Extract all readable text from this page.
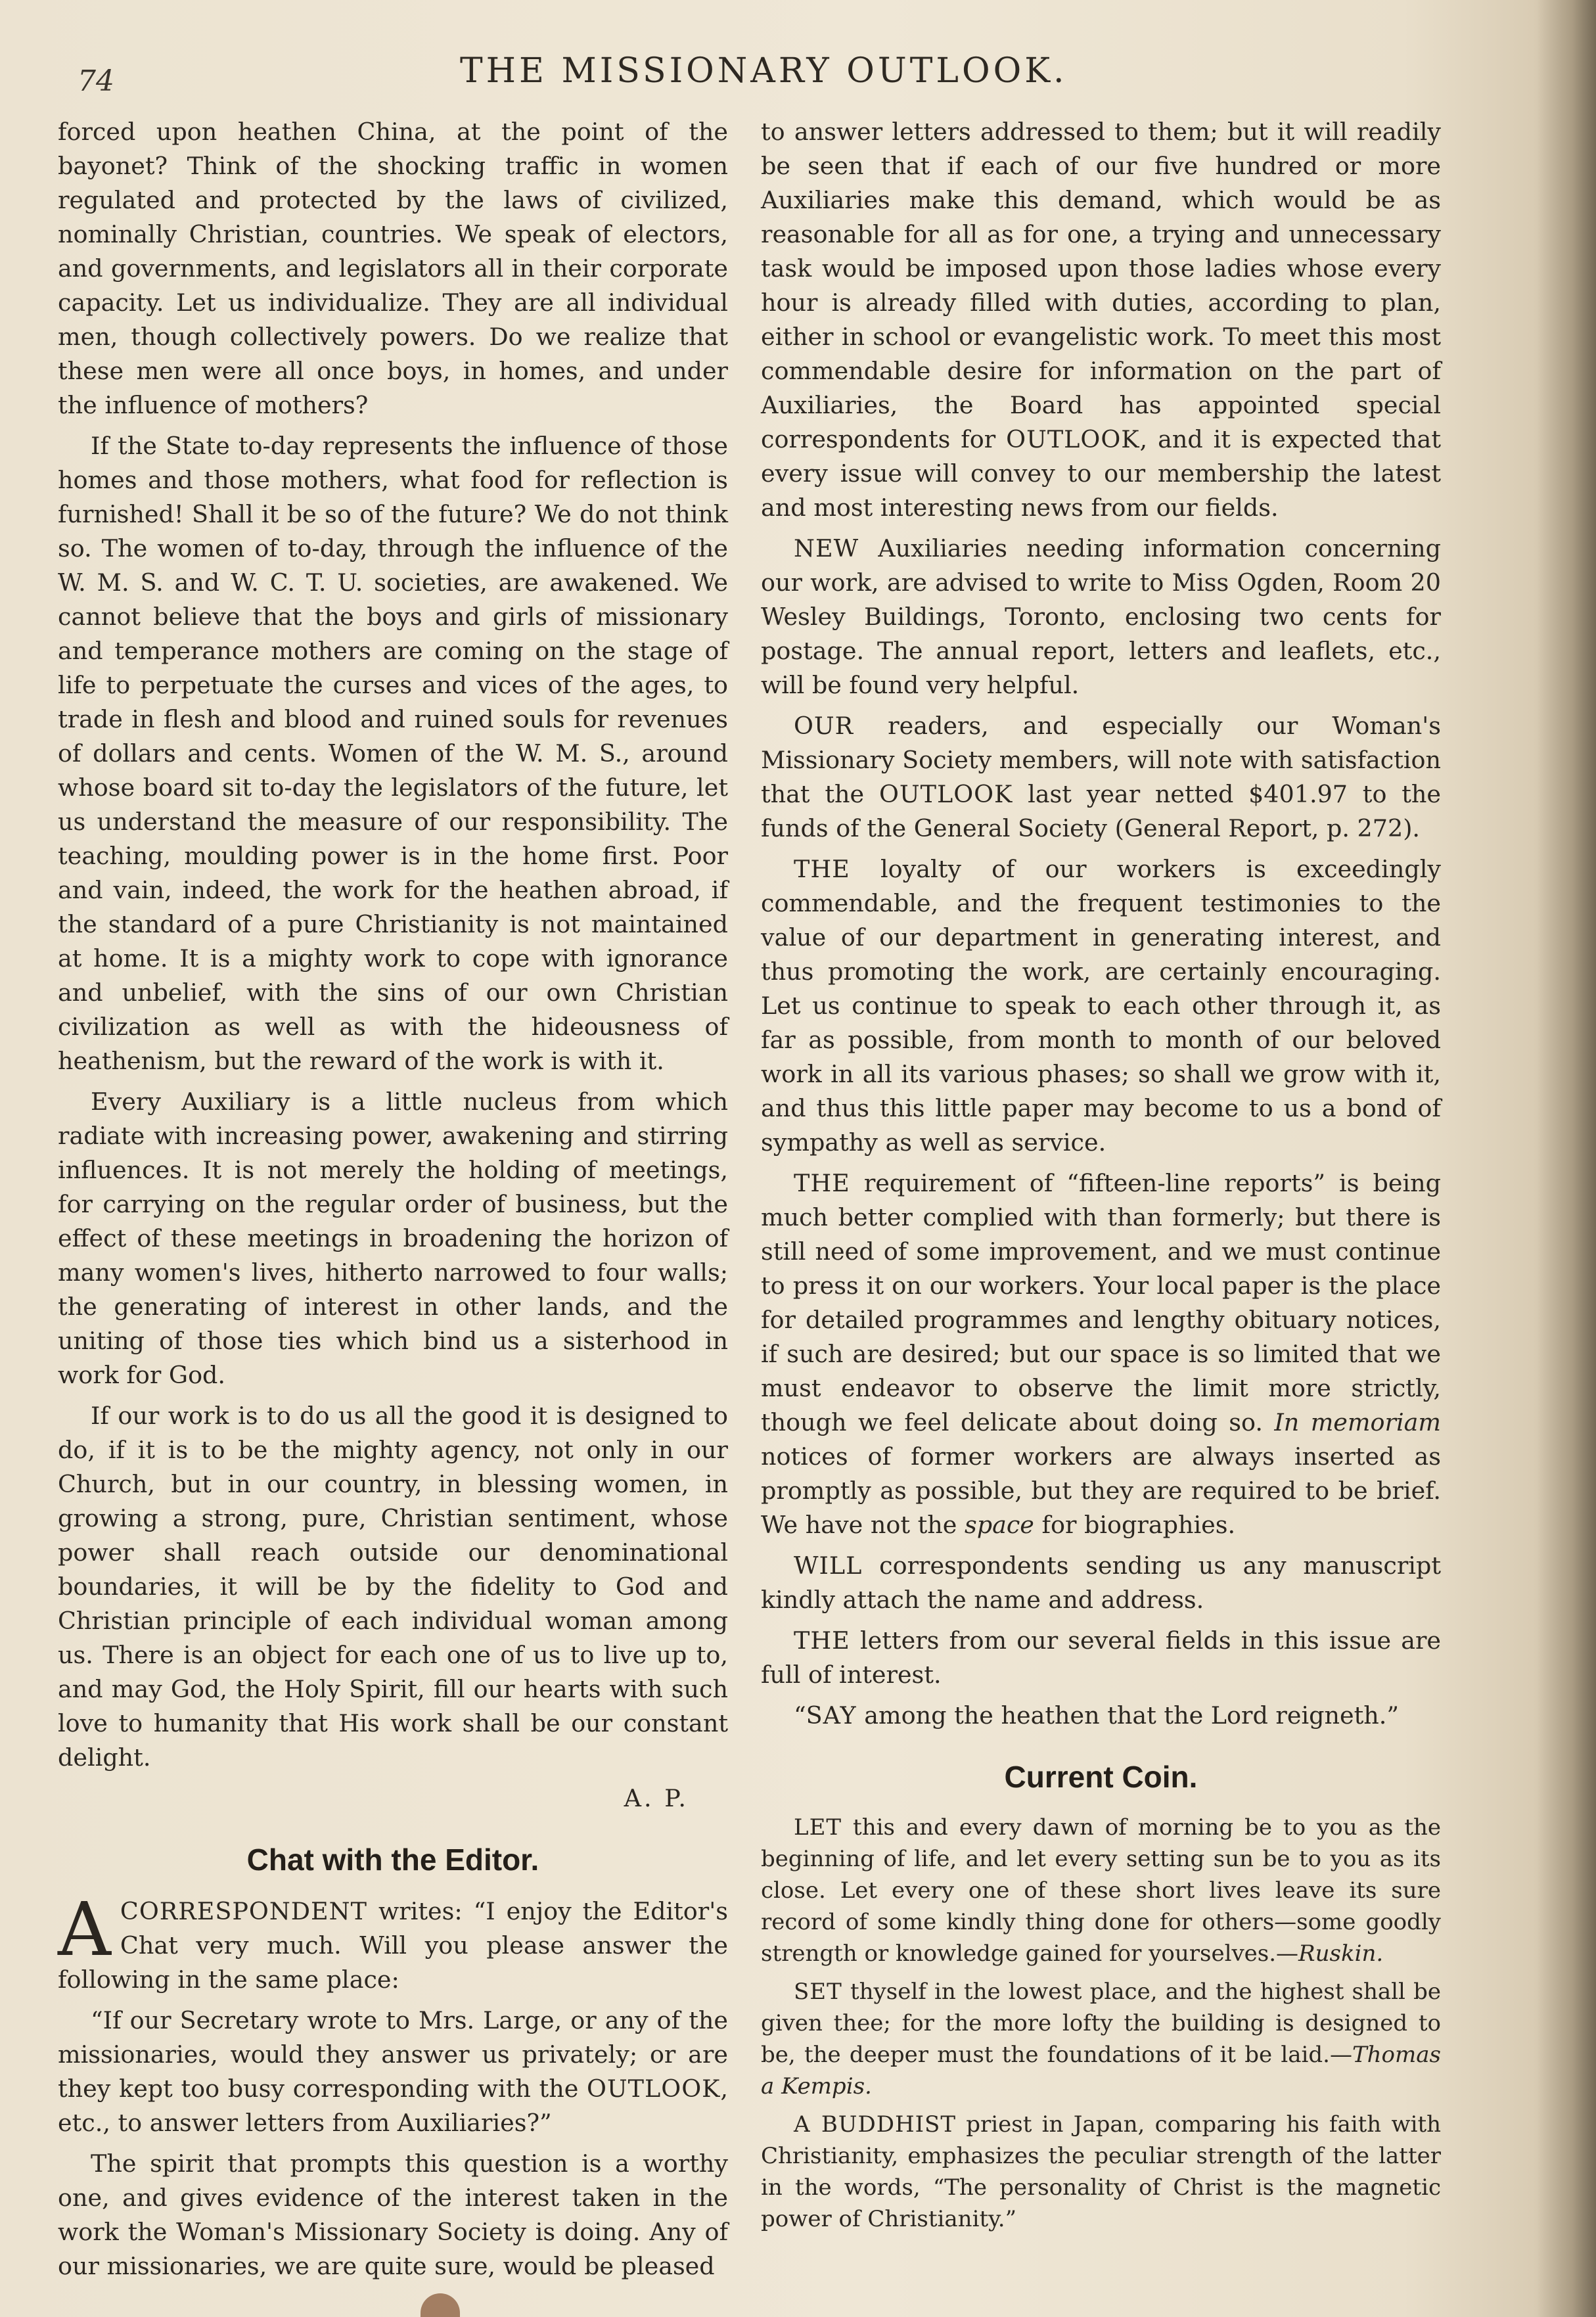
74	THE MISSIONARY OUTLOOK.

forced upon heathen China, at the point of the bayonet? Think of the shocking traffic in women regulated and protected by the laws of civilized, nominally Christian, countries. We speak of electors, and governments, and legislators all in their corporate capacity. Let us individualize. They are all individual men, though collectively powers. Do we realize that these men were all once boys, in homes, and under the influence of mothers?

If the State to-day represents the influence of those homes and those mothers, what food for reflection is furnished! Shall it be so of the future? We do not think so. The women of to-day, through the influence of the W. M. S. and W. C. T. U. societies, are awakened. We cannot believe that the boys and girls of missionary and temperance mothers are coming on the stage of life to perpetuate the curses and vices of the ages, to trade in flesh and blood and ruined souls for revenues of dollars and cents. Women of the W. M. S., around whose board sit to-day the legislators of the future, let us understand the measure of our responsibility. The teaching, moulding power is in the home first. Poor and vain, indeed, the work for the heathen abroad, if the standard of a pure Christianity is not maintained at home. It is a mighty work to cope with ignorance and unbelief, with the sins of our own Christian civilization as well as with the hideousness of heathenism, but the reward of the work is with it.

Every Auxiliary is a little nucleus from which radiate with increasing power, awakening and stirring influences. It is not merely the holding of meetings, for carrying on the regular order of business, but the effect of these meetings in broadening the horizon of many women's lives, hitherto narrowed to four walls; the generating of interest in other lands, and the uniting of those ties which bind us a sisterhood in work for God.

If our work is to do us all the good it is designed to do, if it is to be the mighty agency, not only in our Church, but in our country, in blessing women, in growing a strong, pure, Christian sentiment, whose power shall reach outside our denominational boundaries, it will be by the fidelity to God and Christian principle of each individual woman among us. There is an object for each one of us to live up to, and may God, the Holy Spirit, fill our hearts with such love to humanity that His work shall be our constant delight.

A. P.

Chat with the Editor.

ACORRESPONDENT writes: “I enjoy the Editor's Chat very much. Will you please answer the following in the same place:

“If our Secretary wrote to Mrs. Large, or any of the missionaries, would they answer us privately; or are they kept too busy corresponding with the OUTLOOK, etc., to answer letters from Auxiliaries?”

The spirit that prompts this question is a worthy one, and gives evidence of the interest taken in the work the Woman's Missionary Society is doing. Any of our missionaries, we are quite sure, would be pleased

to answer letters addressed to them; but it will readily be seen that if each of our five hundred or more Auxiliaries make this demand, which would be as reasonable for all as for one, a trying and unnecessary task would be imposed upon those ladies whose every hour is already filled with duties, according to plan, either in school or evangelistic work. To meet this most commendable desire for information on the part of Auxiliaries, the Board has appointed special correspondents for OUTLOOK, and it is expected that every issue will convey to our membership the latest and most interesting news from our fields.

NEW Auxiliaries needing information concerning our work, are advised to write to Miss Ogden, Room 20 Wesley Buildings, Toronto, enclosing two cents for postage. The annual report, letters and leaflets, etc., will be found very helpful.

OUR readers, and especially our Woman's Missionary Society members, will note with satisfaction that the OUTLOOK last year netted $401.97 to the funds of the General Society (General Report, p. 272).

THE loyalty of our workers is exceedingly commendable, and the frequent testimonies to the value of our department in generating interest, and thus promoting the work, are certainly encouraging. Let us continue to speak to each other through it, as far as possible, from month to month of our beloved work in all its various phases; so shall we grow with it, and thus this little paper may become to us a bond of sympathy as well as service.

THE requirement of “fifteen-line reports” is being much better complied with than formerly; but there is still need of some improvement, and we must continue to press it on our workers. Your local paper is the place for detailed programmes and lengthy obituary notices, if such are desired; but our space is so limited that we must endeavor to observe the limit more strictly, though we feel delicate about doing so. In memoriam notices of former workers are always inserted as promptly as possible, but they are required to be brief. We have not the space for biographies.

WILL correspondents sending us any manuscript kindly attach the name and address.

THE letters from our several fields in this issue are full of interest.

“SAY among the heathen that the Lord reigneth.”

Current Coin.

LET this and every dawn of morning be to you as the beginning of life, and let every setting sun be to you as its close. Let every one of these short lives leave its sure record of some kindly thing done for others—some goodly strength or knowledge gained for yourselves.—Ruskin.

SET thyself in the lowest place, and the highest shall be given thee; for the more lofty the building is designed to be, the deeper must the foundations of it be laid.—Thomas a Kempis.

A BUDDHIST priest in Japan, comparing his faith with Christianity, emphasizes the peculiar strength of the latter in the words, “The personality of Christ is the magnetic power of Christianity.”
